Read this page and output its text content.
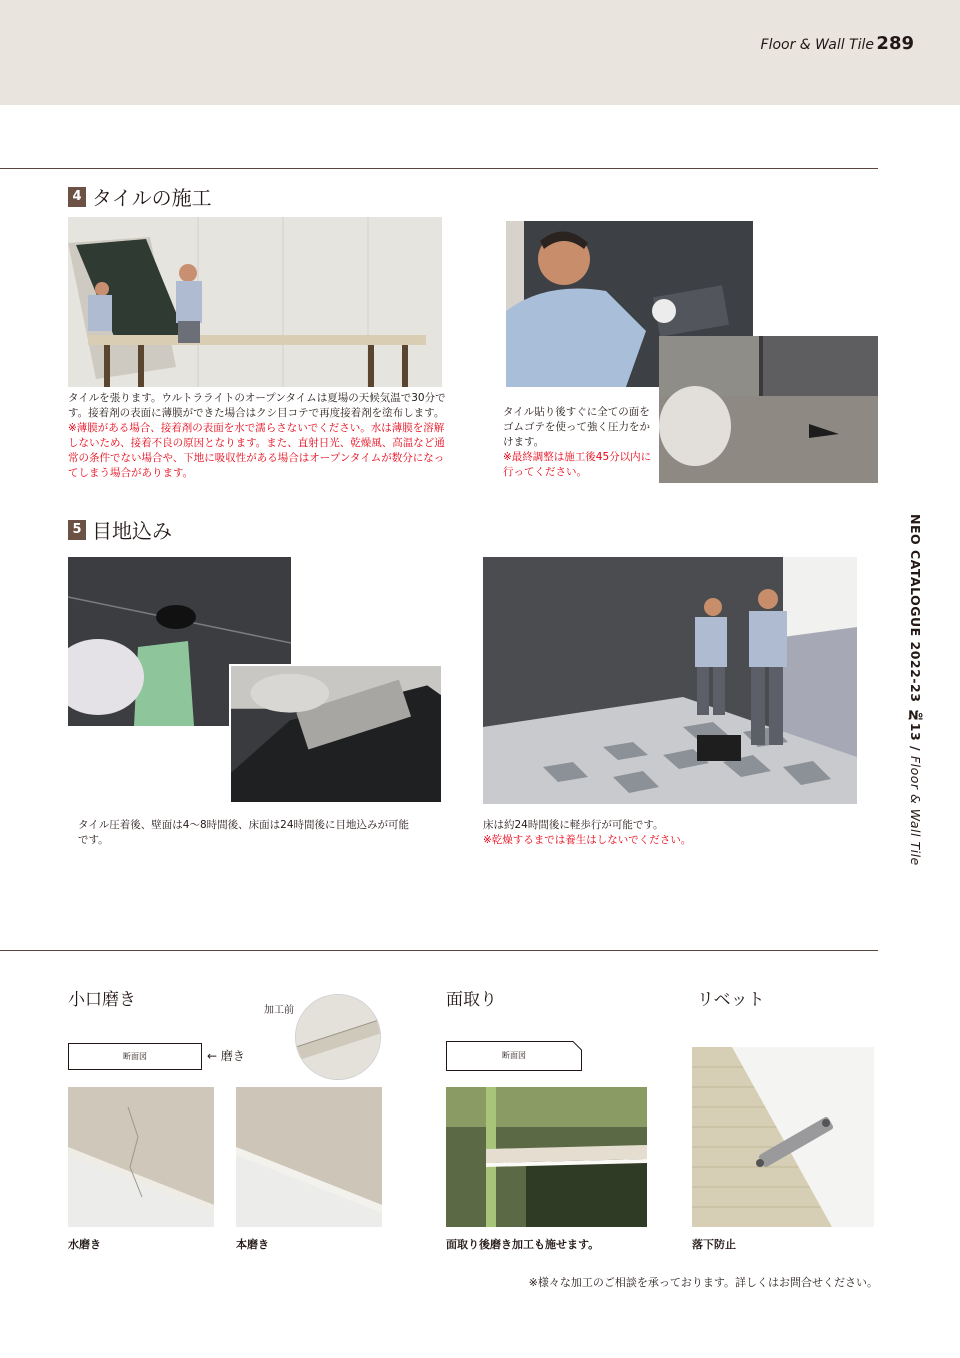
Floor & Wall Tile 289
4 タイルの施工
タイルを張ります。ウルトラライトのオープンタイムは夏場の天候気温で30分です。接着剤の表面に薄膜ができた場合はクシ目コテで再度接着剤を塗布します。※薄膜がある場合、接着剤の表面を水で濡らさないでください。水は薄膜を溶解しないため、接着不良の原因となります。また、直射日光、乾燥風、高温など通常の条件でない場合や、下地に吸収性がある場合はオープンタイムが数分になってしまう場合があります。
タイル貼り後すぐに全ての面をゴムゴテを使って強く圧力をかけます。
※最終調整は施工後45分以内に行ってください。
5 目地込み
タイル圧着後、壁面は4～8時間後、床面は24時間後に目地込みが可能です。
床は約24時間後に軽歩行が可能です。
※乾燥するまでは養生はしないでください。
NEO CATALOGUE 2022-23 №13 / Floor & Wall Tile
小口磨き
加工前
断面図	← 磨き
水磨き	本磨き
面取り
断面図
面取り後磨き加工も施せます。
リベット
落下防止
※様々な加工のご相談を承っております。詳しくはお問合せください。
